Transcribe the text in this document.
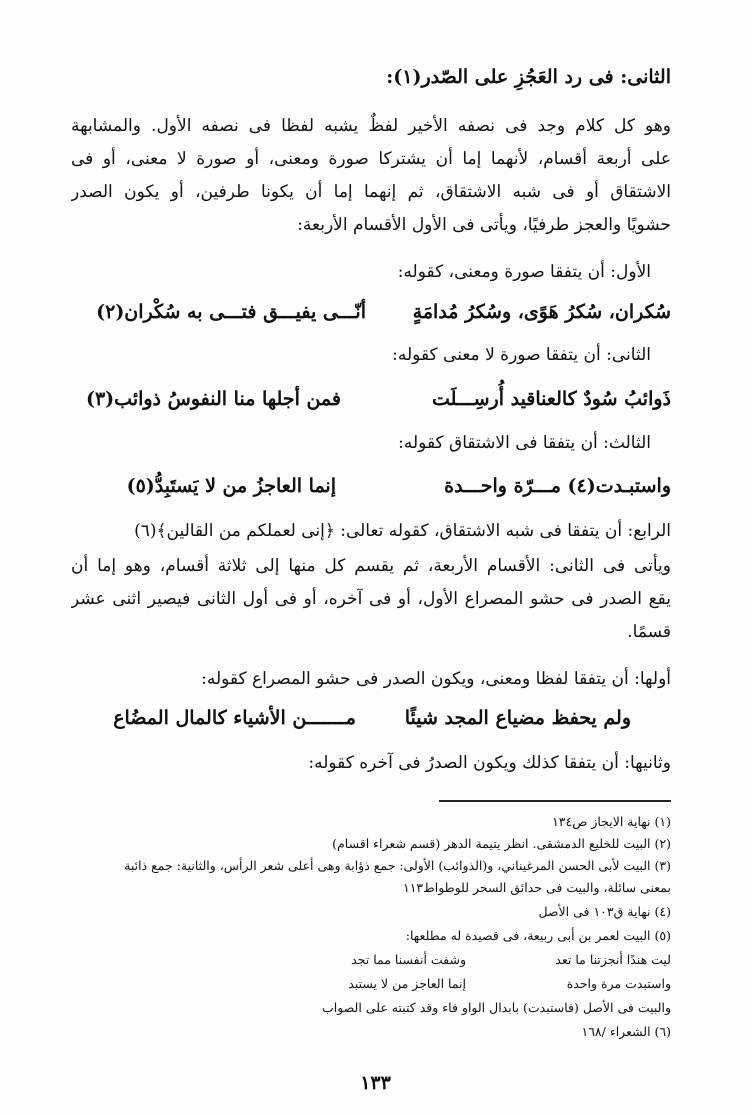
الثانى: فى رد العَجُزِ على الصّدر(١):
وهو كل كلام وجد فى نصفه الأخير لفظٌ يشبه لفظا فى نصفه الأول. والمشابهة
على أربعة أقسام، لأنهما إما أن يشتركا صورة ومعنى، أو صورة لا معنى، أو فى
الاشتقاق أو فى شبه الاشتقاق، ثم إنهما إما أن يكونا طرفين، أو يكون الصدر
حشويًا والعجز طرفيًا، ويأتى فى الأول الأقسام الأربعة:
الأول: أن يتفقا صورة ومعنى، كقوله:
سُكران، سُكرُ هَوًى، وسُكرُ مُدامَةٍ
أنّـــى يفيـــق فتـــى به سُكْران(٢)
الثانى: أن يتفقا صورة لا معنى كقوله:
ذَوائبُ سُودٌ كالعناقيد أُرسِـــلَت
فمن أجلها منا النفوسُ ذوائب(٣)
الثالث: أن يتفقا فى الاشتقاق كقوله:
واستبـدت(٤) مـــرّة واحـــدة
إنما العاجزُ من لا يَستَبِدُّ(٥)
الرابع: أن يتفقا فى شبه الاشتقاق، كقوله تعالى: ﴿إنى لعملكم من القالين﴾(٦)
ويأتى فى الثانى: الأقسام الأربعة، ثم يقسم كل منها إلى ثلاثة أقسام، وهو إما أن
يقع الصدر فى حشو المصراع الأول، أو فى آخره، أو فى أول الثانى فيصير اثنى عشر
قسمًا.
أولها: أن يتفقا لفظا ومعنى، ويكون الصدر فى حشو المصراع كقوله:
ولم يحفظ مضياع المجد شيئًا
مـــــــن الأشياء كالمال المضُاع
وثانيها: أن يتفقا كذلك ويكون الصدرُ فى آخره كقوله:
(١) نهاية الايجاز ص١٣٤
(٢) البيت للخليع الدمشقى. انظر يتيمة الدهر (قسم شعراء اقسام)
(٣) البيت لأبى الحسن المرغيناني، و(الذوائب) الأولى: جمع ذؤابة وهى أعلى شعر الرأس، والثانية: جمع ذائبة
بمعنى سائلة، والبيت فى حدائق السحر للوطواط١١٣
(٤) نهاية ق١٠٣ فى الأصل
(٥) البيت لعمر بن أبى ربيعة، فى قصيدة له مطلعها:
ليت هندًا أنجزتنا ما تعد
وشفت أنفسنا مما تجد
واستبدت مرة واحدة
إنما العاجز من لا يستبد
والبيت فى الأصل (فاستبدت) بابدال الواو فاء وقد كتبته على الصواب
(٦) الشعراء /١٦٨
١٣٣
